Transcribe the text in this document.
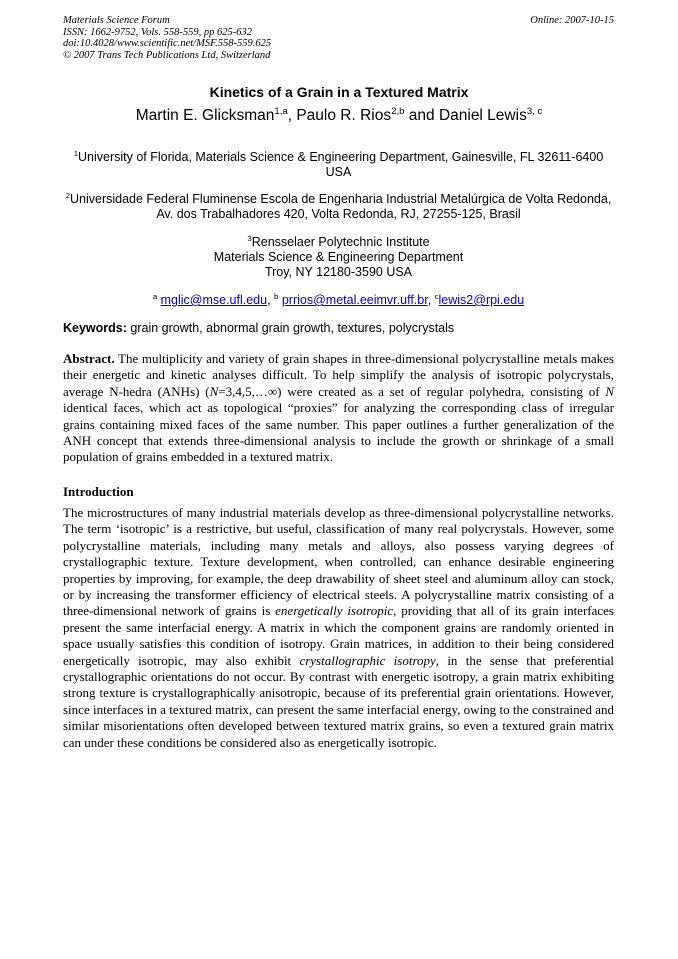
Materials Science Forum
ISSN: 1662-9752, Vols. 558-559, pp 625-632
doi:10.4028/www.scientific.net/MSF.558-559.625
© 2007 Trans Tech Publications Ltd, Switzerland
Online: 2007-10-15
Kinetics of a Grain in a Textured Matrix
Martin E. Glicksman$^{1,a}$, Paulo R. Rios$^{2,b}$ and Daniel Lewis$^{3, c}$
$^1$University of Florida, Materials Science & Engineering Department, Gainesville, FL 32611-6400
USA
$^2$Universidade Federal Fluminense Escola de Engenharia Industrial Metalúrgica de Volta Redonda,
Av. dos Trabalhadores 420, Volta Redonda, RJ, 27255-125, Brasil
$^3$Rensselaer Polytechnic Institute
Materials Science & Engineering Department
Troy, NY 12180-3590 USA
$^a$ mglic@mse.ufl.edu, $^b$ prrios@metal.eeimvr.uff.br, $^c$lewis2@rpi.edu
Keywords: grain growth, abnormal grain growth, textures, polycrystals
Abstract. The multiplicity and variety of grain shapes in three-dimensional polycrystalline metals makes their energetic and kinetic analyses difficult. To help simplify the analysis of isotropic polycrystals, average N-hedra (ANHs) (N=3,4,5,…∞) were created as a set of regular polyhedra, consisting of N identical faces, which act as topological “proxies” for analyzing the corresponding class of irregular grains containing mixed faces of the same number. This paper outlines a further generalization of the ANH concept that extends three-dimensional analysis to include the growth or shrinkage of a small population of grains embedded in a textured matrix.
Introduction
The microstructures of many industrial materials develop as three-dimensional polycrystalline networks. The term ‘isotropic’ is a restrictive, but useful, classification of many real polycrystals. However, some polycrystalline materials, including many metals and alloys, also possess varying degrees of crystallographic texture. Texture development, when controlled, can enhance desirable engineering properties by improving, for example, the deep drawability of sheet steel and aluminum alloy can stock, or by increasing the transformer efficiency of electrical steels. A polycrystalline matrix consisting of a three-dimensional network of grains is energetically isotropic, providing that all of its grain interfaces present the same interfacial energy. A matrix in which the component grains are randomly oriented in space usually satisfies this condition of isotropy. Grain matrices, in addition to their being considered energetically isotropic, may also exhibit crystallographic isotropy, in the sense that preferential crystallographic orientations do not occur. By contrast with energetic isotropy, a grain matrix exhibiting strong texture is crystallographically anisotropic, because of its preferential grain orientations. However, since interfaces in a textured matrix, can present the same interfacial energy, owing to the constrained and similar misorientations often developed between textured matrix grains, so even a textured grain matrix can under these conditions be considered also as energetically isotropic.
